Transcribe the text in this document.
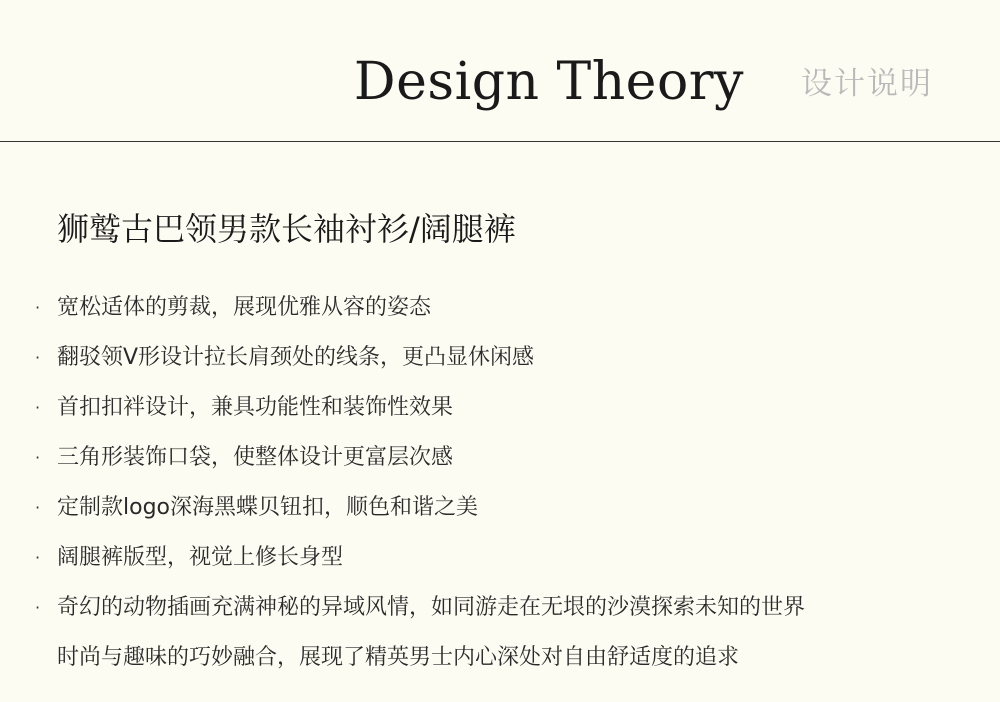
Design Theory 设计说明
狮鹫古巴领男款长袖衬衫/阔腿裤
· 宽松适体的剪裁，展现优雅从容的姿态
· 翻驳领V形设计拉长肩颈处的线条，更凸显休闲感
· 首扣扣袢设计，兼具功能性和装饰性效果
· 三角形装饰口袋，使整体设计更富层次感
· 定制款logo深海黑蝶贝钮扣，顺色和谐之美
· 阔腿裤版型，视觉上修长身型
· 奇幻的动物插画充满神秘的异域风情，如同游走在无垠的沙漠探索未知的世界
时尚与趣味的巧妙融合，展现了精英男士内心深处对自由舒适度的追求
